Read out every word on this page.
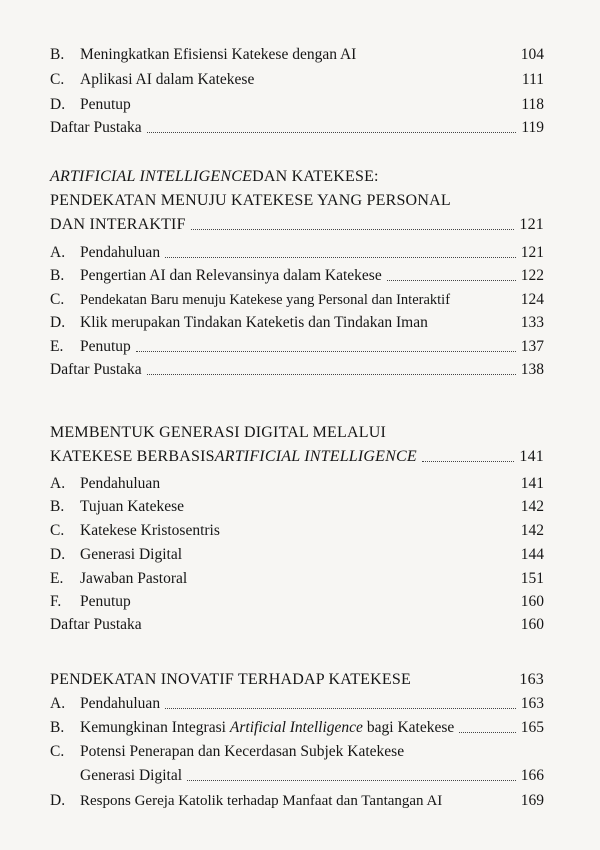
B.	Meningkatkan Efisiensi Katekese dengan AI	104
C.	Aplikasi AI dalam Katekese	111
D. Penutup	118
Daftar Pustaka	119
ARTIFICIAL INTELLIGENCE DAN KATEKESE:
PENDEKATAN MENUJU KATEKESE YANG PERSONAL
DAN INTERAKTIF	121
A. Pendahuluan	121
B.	Pengertian AI dan Relevansinya dalam Katekese	122
C.	Pendekatan Baru menuju Katekese yang Personal dan Interaktif	124
D. Klik merupakan Tindakan Kateketis dan Tindakan Iman	133
E.	Penutup	137
Daftar Pustaka	138
MEMBENTUK GENERASI DIGITAL MELALUI
KATEKESE BERBASIS ARTIFICIAL INTELLIGENCE	141
A. Pendahuluan	141
B.	Tujuan Katekese	142
C.	Katekese Kristosentris	142
D. Generasi Digital	144
E.	Jawaban Pastoral	151
F.	Penutup	160
Daftar Pustaka	160
PENDEKATAN INOVATIF TERHADAP KATEKESE	163
A. Pendahuluan	163
B.	Kemungkinan Integrasi Artificial Intelligence bagi Katekese	165
C.	Potensi Penerapan dan Kecerdasan Subjek Katekese
Generasi Digital	166
D. Respons Gereja Katolik terhadap Manfaat dan Tantangan AI	169
